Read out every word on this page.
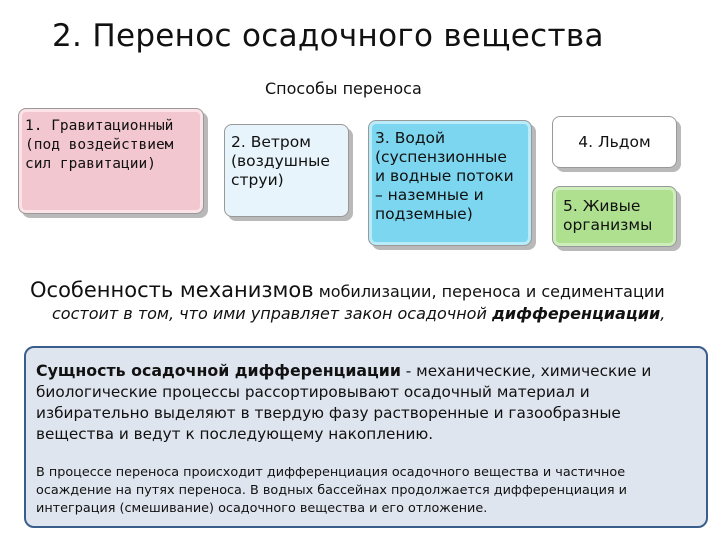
2. Перенос осадочного вещества
Способы переноса
1. Гравитационный
(под воздействием
сил гравитации)
2. Ветром
(воздушные
струи)
3. Водой
(суспензионные
и водные потоки
– наземные и
подземные)
4. Льдом
5. Живые
организмы
Особенность механизмов мобилизации, переноса и седиментации
состоит в том, что ими управляет закон осадочной дифференциации,
Сущность осадочной дифференциации - механические, химические и биологические процессы рассортировывают осадочный материал и избирательно выделяют в твердую фазу растворенные и газообразные вещества и ведут к последующему накоплению.
В процессе переноса происходит дифференциация осадочного вещества и частичное осаждение на путях переноса. В водных бассейнах продолжается дифференциация и интеграция (смешивание) осадочного вещества и его отложение.
